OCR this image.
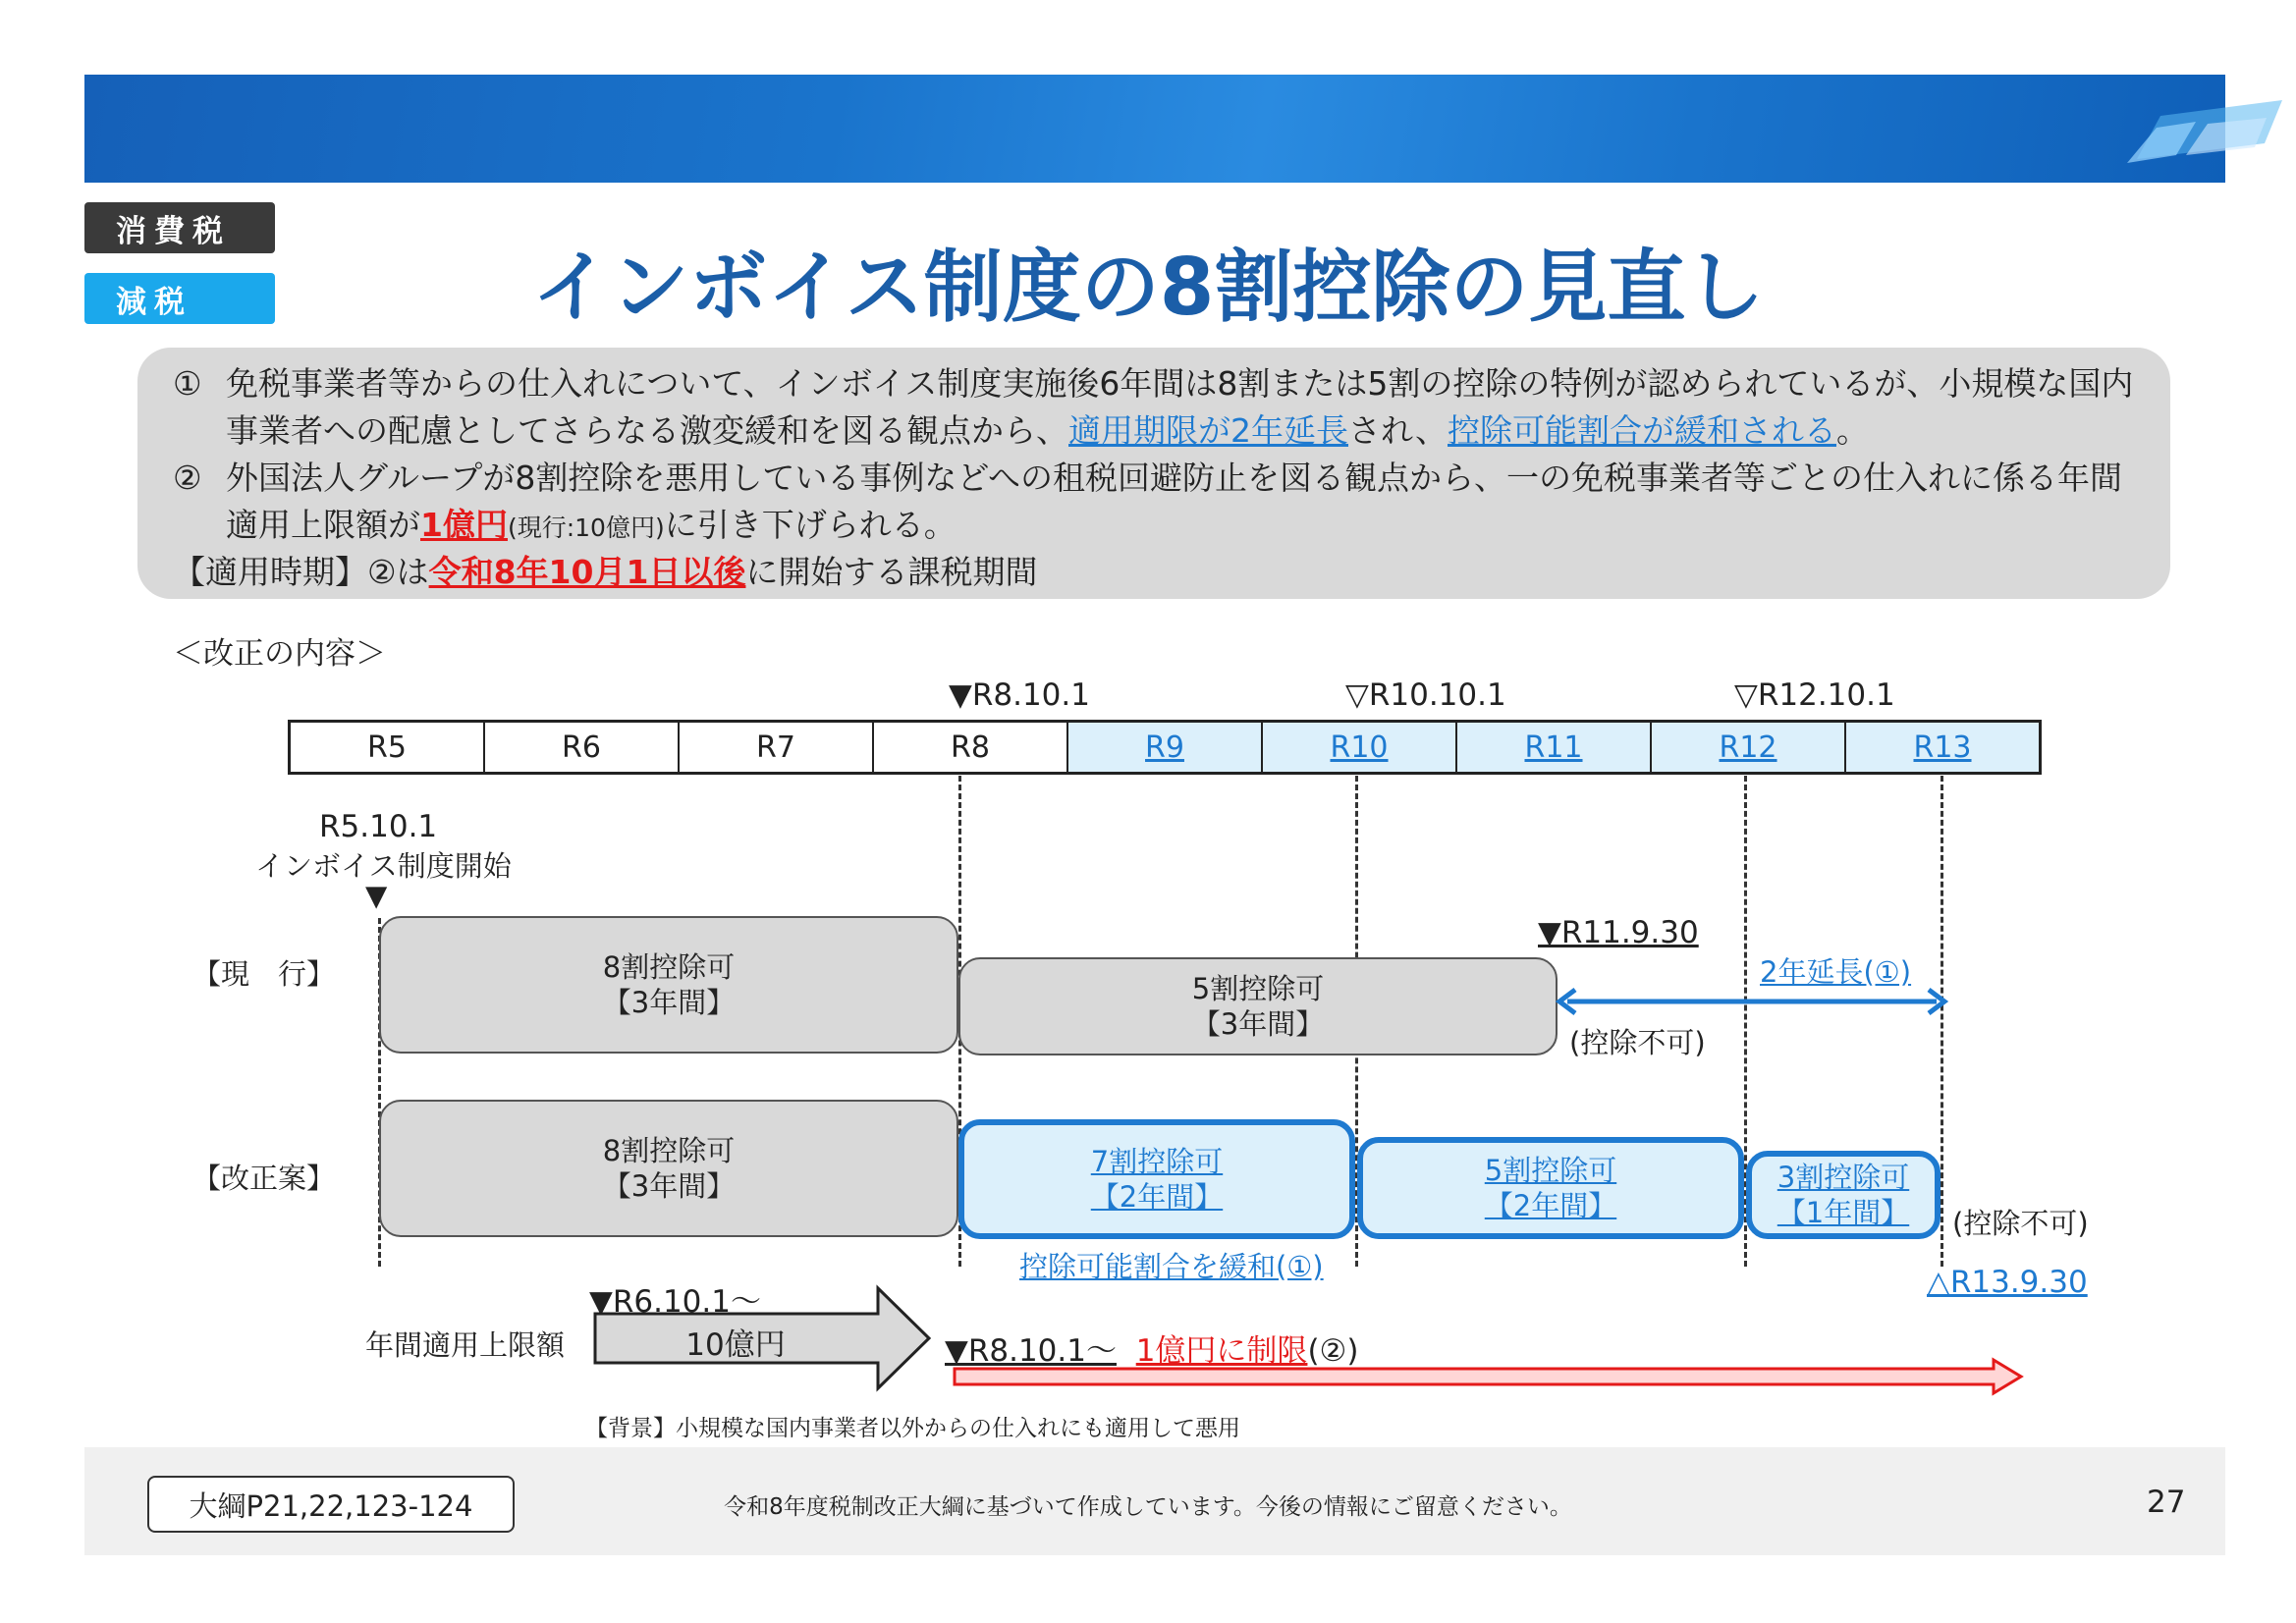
消費税
減税	インボイス制度の8割控除の見直し
① 免税事業者等からの仕入れについて、インボイス制度実施後6年間は8割または5割の控除の特例が認められているが、小規模な国内
事業者への配慮としてさらなる激変緩和を図る観点から、適用期限が2年延長され、控除可能割合が緩和される。
② 外国法人グループが8割控除を悪用している事例などへの租税回避防止を図る観点から、一の免税事業者等ごとの仕入れに係る年間
適用上限額が1億円(現行:10億円)に引き下げられる。
【適用時期】②は令和8年10月1日以後に開始する課税期間
＜改正の内容＞
▼R8.10.1	▽R10.10.1	▽R12.10.1
R5	R6	R7	R8	R9	R10	R11	R12	R13
R5.10.1
インボイス制度開始
▼
【現　行】	8割控除可
【3年間】	5割控除可
【3年間】
▼R11.9.30
2年延長(①)
(控除不可)
【改正案】
8割控除可
【3年間】
7割控除可
【2年間】
5割控除可
【2年間】
3割控除可
【1年間】 (控除不可)
控除可能割合を緩和(①)	△R13.9.30
年間適用上限額
▼R6.10.1～
10億円	▼R8.10.1～ 1億円に制限(②)
【背景】小規模な国内事業者以外からの仕入れにも適用して悪用
大綱P21,22,123-124	令和8年度税制改正大綱に基づいて作成しています。今後の情報にご留意ください。	27
